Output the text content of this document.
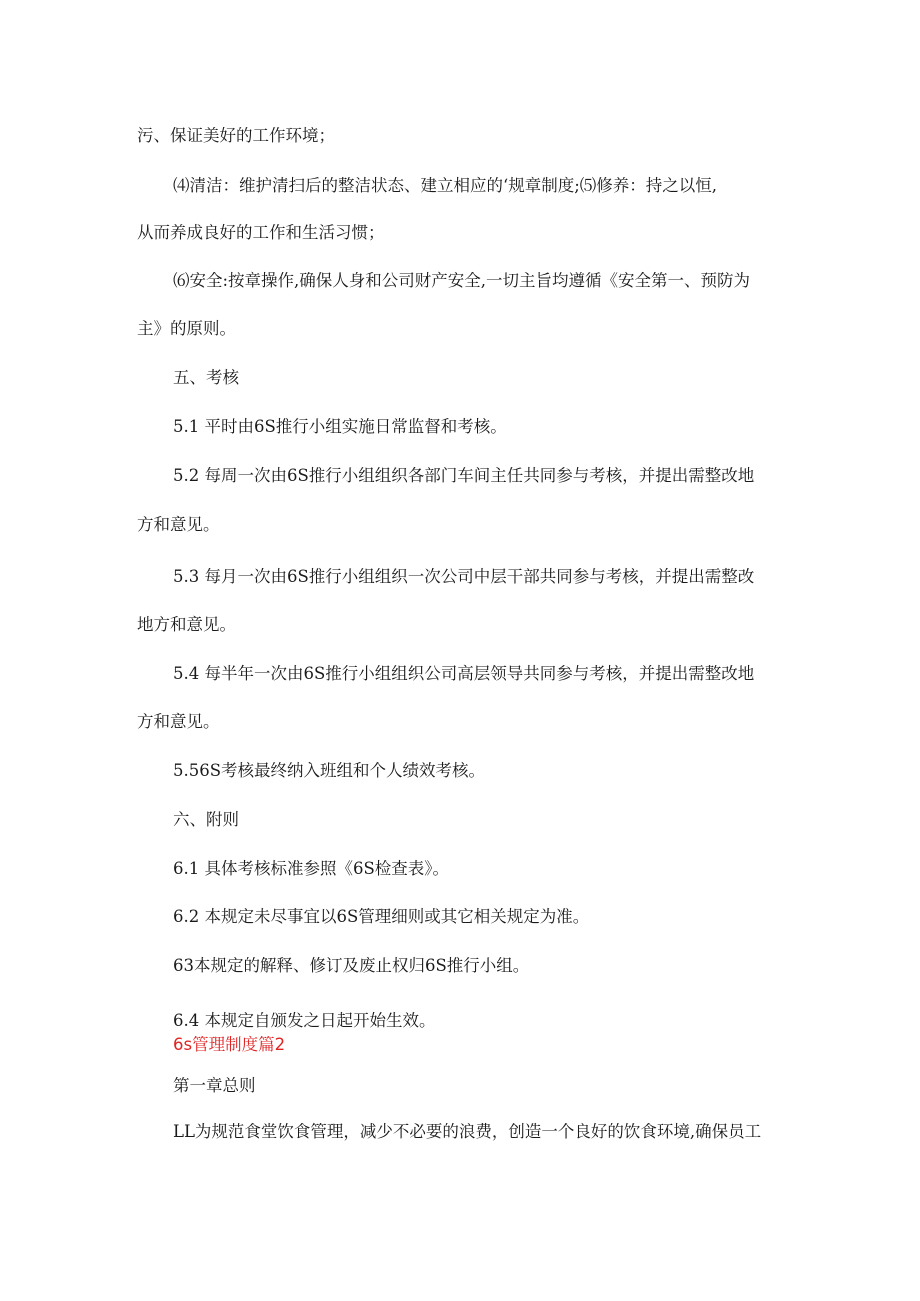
污、保证美好的工作环境；
⑷清洁：维护清扫后的整洁状态、建立相应的‘规章制度;⑸修养：持之以恒,
从而养成良好的工作和生活习惯；
⑹安全:按章操作,确保人身和公司财产安全,一切主旨均遵循《安全第一、预防为
主》的原则。
五、考核
5.1 平时由6S推行小组实施日常监督和考核。
5.2 每周一次由6S推行小组组织各部门车间主任共同参与考核，并提出需整改地
方和意见。
5.3 每月一次由6S推行小组组织一次公司中层干部共同参与考核，并提出需整改
地方和意见。
5.4 每半年一次由6S推行小组组织公司高层领导共同参与考核，并提出需整改地
方和意见。
5.56S考核最终纳入班组和个人绩效考核。
六、附则
6.1 具体考核标准参照《6S检查表》。
6.2 本规定未尽事宜以6S管理细则或其它相关规定为准。
63本规定的解释、修订及废止权归6S推行小组。
6.4 本规定自颁发之日起开始生效。
6s管理制度篇2
第一章总则
LL为规范食堂饮食管理，减少不必要的浪费，创造一个良好的饮食环境,确保员工
